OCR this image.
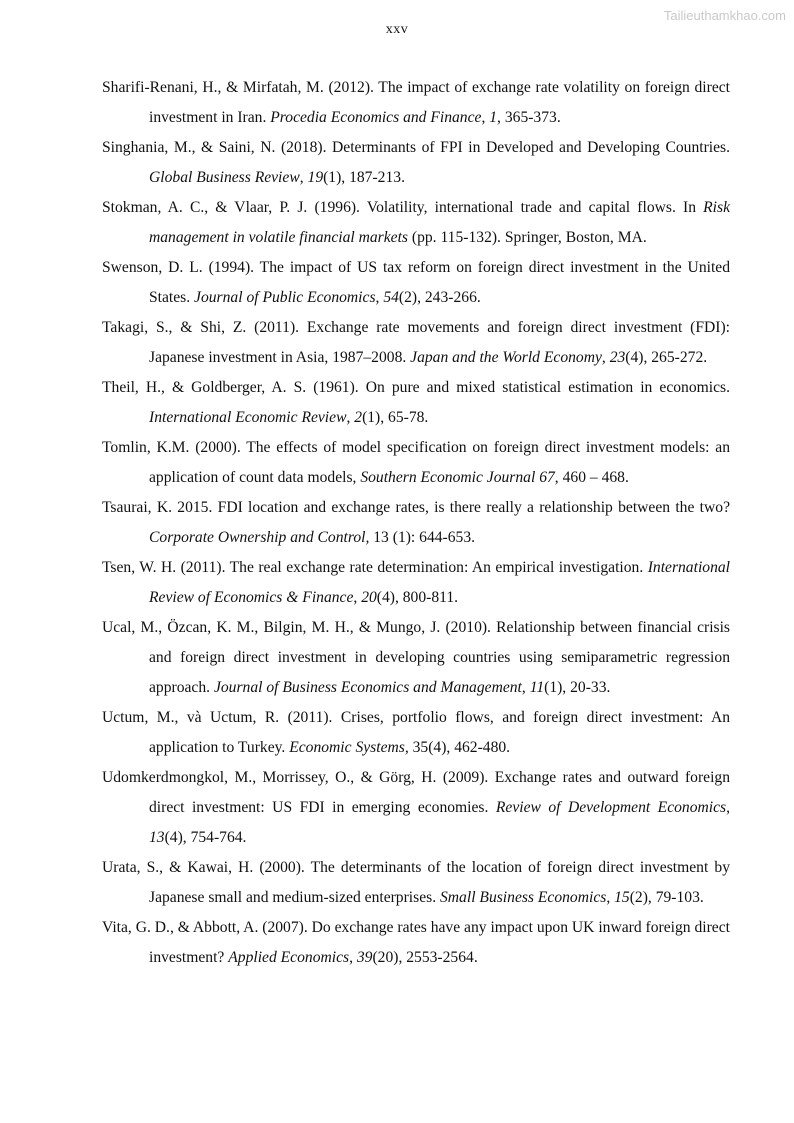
Tailieuthamkhao.com
xxv

Sharifi-Renani, H., & Mirfatah, M. (2012). The impact of exchange rate volatility on foreign direct investment in Iran. Procedia Economics and Finance, 1, 365-373.

Singhania, M., & Saini, N. (2018). Determinants of FPI in Developed and Developing Countries. Global Business Review, 19(1), 187-213.

Stokman, A. C., & Vlaar, P. J. (1996). Volatility, international trade and capital flows. In Risk management in volatile financial markets (pp. 115-132). Springer, Boston, MA.

Swenson, D. L. (1994). The impact of US tax reform on foreign direct investment in the United States. Journal of Public Economics, 54(2), 243-266.

Takagi, S., & Shi, Z. (2011). Exchange rate movements and foreign direct investment (FDI): Japanese investment in Asia, 1987–2008. Japan and the World Economy, 23(4), 265-272.

Theil, H., & Goldberger, A. S. (1961). On pure and mixed statistical estimation in economics. International Economic Review, 2(1), 65-78.

Tomlin, K.M. (2000). The effects of model specification on foreign direct investment models: an application of count data models, Southern Economic Journal 67, 460 – 468.

Tsaurai, K. 2015. FDI location and exchange rates, is there really a relationship between the two? Corporate Ownership and Control, 13 (1): 644-653.

Tsen, W. H. (2011). The real exchange rate determination: An empirical investigation. International Review of Economics & Finance, 20(4), 800-811.

Ucal, M., Özcan, K. M., Bilgin, M. H., & Mungo, J. (2010). Relationship between financial crisis and foreign direct investment in developing countries using semiparametric regression approach. Journal of Business Economics and Management, 11(1), 20-33.

Uctum, M., và Uctum, R. (2011). Crises, portfolio flows, and foreign direct investment: An application to Turkey. Economic Systems, 35(4), 462-480.

Udomkerdmongkol, M., Morrissey, O., & Görg, H. (2009). Exchange rates and outward foreign direct investment: US FDI in emerging economies. Review of Development Economics, 13(4), 754-764.

Urata, S., & Kawai, H. (2000). The determinants of the location of foreign direct investment by Japanese small and medium-sized enterprises. Small Business Economics, 15(2), 79-103.

Vita, G. D., & Abbott, A. (2007). Do exchange rates have any impact upon UK inward foreign direct investment? Applied Economics, 39(20), 2553-2564.
